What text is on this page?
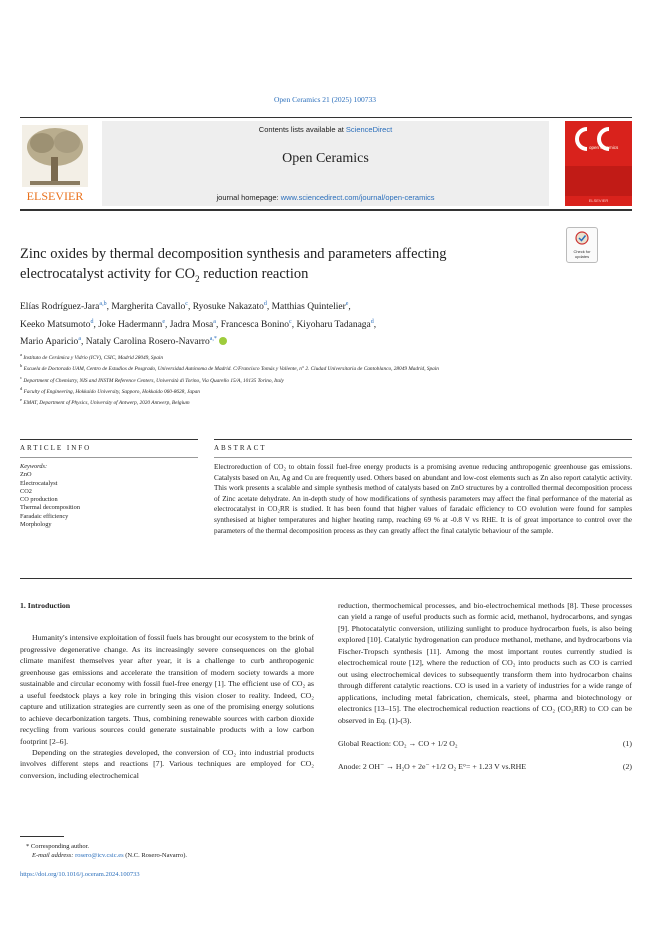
Open Ceramics 21 (2025) 100733
ELSEVIER
Contents lists available at ScienceDirect
Open Ceramics
journal homepage: www.sciencedirect.com/journal/open-ceramics
open ceramics
ELSEVIER
Check for updates
Zinc oxides by thermal decomposition synthesis and parameters affecting
electrocatalyst activity for $CO_2$ reduction reaction
Elías Rodríguez-Jara$^{a,b}$, Margherita Cavallo$^c$, Ryosuke Nakazato$^d$, Matthias Quintelier$^e$,
Keeko Matsumoto$^d$, Joke Hadermann$^e$, Jadra Mosa$^a$, Francesca Bonino$^c$, Kiyoharu Tadanaga$^d$,
Mario Aparicio$^a$, Nataly Carolina Rosero-Navarro$^{a,*}$
$^a$ Instituto de Cerámica y Vidrio (ICV), CSIC, Madrid 28049, Spain
$^b$ Escuela de Doctorado UAM, Centro de Estudios de Posgrado, Universidad Autónoma de Madrid. C/Francisco Tomás y Valiente, n° 2. Ciudad Universitaria de Cantoblanco, 28049 Madrid, Spain
$^c$ Department of Chemistry, NIS and INSTM Reference Centers, Università di Torino, Via Quarello 15/A, 10135 Torino, Italy
$^d$ Faculty of Engineering, Hokkaido University, Sapporo, Hokkaido 060-8628, Japan
$^e$ EMAT, Department of Physics, University of Antwerp, 2020 Antwerp, Belgium
ARTICLE INFO	ABSTRACT
Keywords:
ZnO
Electrocatalyst
CO2
CO production
Thermal decomposition
Faradaic efficiency
Morphology
Electroreduction of CO₂ to obtain fossil fuel-free energy products is a promising avenue reducing anthropogenic greenhouse gas emissions. Catalysts based on Au, Ag and Cu are frequently used. Others based on abundant and low-cost elements such as Zn also report catalytic activity. This work presents a scalable and simple synthesis method of catalysts based on ZnO structures by a controlled thermal decomposition process of Zinc acetate dehydrate. An in-depth study of how modifications of synthesis parameters may affect the final performance of the material as electrocatalyst in CO₂RR is studied. It has been found that higher values of faradaic efficiency to CO evolution were found for samples synthesised at higher temperatures and higher heating ramp, reaching 69 % at -0.8 V vs RHE. It is of great importance to control over the parameters of the thermal decomposition process as they can greatly affect the final catalytic behaviour of the sample.
1. Introduction

Humanity's intensive exploitation of fossil fuels has brought our ecosystem to the brink of progressive degenerative change. As its increasingly severe consequences on the global climate manifest themselves year after year, it is a challenge to curb anthropogenic greenhouse gas emissions and accelerate the transition of modern society towards a more sustainable and circular economy with fossil fuel-free energy [1]. The efficient use of CO₂ as a useful feedstock plays a key role in bringing this vision closer to reality. Indeed, CO₂ capture and utilization strategies are currently seen as one of the promising energy solutions to achieve decarbonization targets. Thus, combining renewable sources with carbon dioxide recycling from various sources could generate sustainable products with a low carbon footprint [2–6].

Depending on the strategies developed, the conversion of CO₂ into industrial products involves different steps and reactions [7]. Various techniques are employed for CO₂ conversion, including electrochemical

reduction, thermochemical processes, and bio-electrochemical methods [8]. These processes can yield a range of useful products such as formic acid, methanol, hydrocarbons, and syngas [9]. Photocatalytic conversion, utilizing sunlight to produce hydrocarbon fuels, is also being explored [10]. Catalytic hydrogenation can produce methanol, methane, and hydrocarbons via Fischer-Tropsch synthesis [11]. Among the most important routes currently studied is electrochemical route [12], where the reduction of CO₂ into products such as CO is carried out using electrochemical devices to subsequently transform them into hydrocarbon chains through different catalytic reactions. CO is used in a variety of industries for a wide range of applications, including metal fabrication, chemicals, steel, pharma and biotechnology or electronics [13–15]. The electrochemical reduction reactions of CO₂ (CO₂RR) to CO can be observed in Eq. (1)-(3).

Global Reaction: CO₂ → CO + 1/2 O₂	(1)
Anode: 2 OH⁻ → H₂O + 2e⁻ +1/2 O₂ E°= + 1.23 V vs.RHE	(2)
* Corresponding author.
E-mail address: rosero@icv.csic.es (N.C. Rosero-Navarro).
https://doi.org/10.1016/j.oceram.2024.100733
